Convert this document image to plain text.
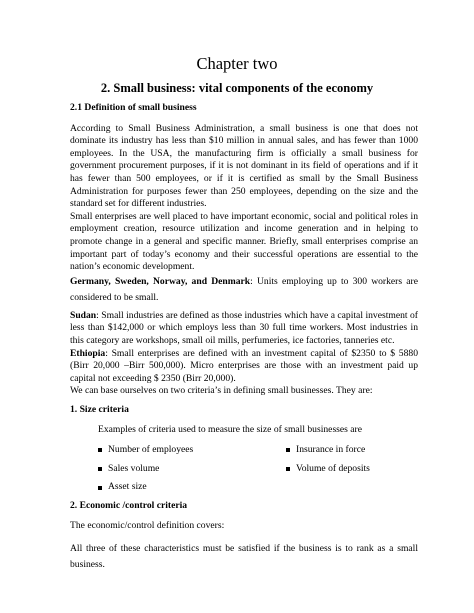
Chapter two
2. Small business: vital components of the economy

2.1 Definition of small business

According to Small Business Administration, a small business is one that does not dominate its industry has less than $10 million in annual sales, and has fewer than 1000 employees. In the USA, the manufacturing firm is officially a small business for government procurement purposes, if it is not dominant in its field of operations and if it has fewer than 500 employees, or if it is certified as small by the Small Business Administration for purposes fewer than 250 employees, depending on the size and the standard set for different industries.

Small enterprises are well placed to have important economic, social and political roles in employment creation, resource utilization and income generation and in helping to promote change in a general and specific manner. Briefly, small enterprises comprise an important part of today’s economy and their successful operations are essential to the nation’s economic development.

Germany, Sweden, Norway, and Denmark: Units employing up to 300 workers are considered to be small.

Sudan: Small industries are defined as those industries which have a capital investment of less than $142,000 or which employs less than 30 full time workers. Most industries in this category are workshops, small oil mills, perfumeries, ice factories, tanneries etc.

Ethiopia: Small enterprises are defined with an investment capital of $2350 to $ 5880 (Birr 20,000 –Birr 500,000). Micro enterprises are those with an investment paid up capital not exceeding $ 2350 (Birr 20,000).

We can base ourselves on two criteria’s in defining small businesses. They are:

1. Size criteria

Examples of criteria used to measure the size of small businesses are

Number of employees	Insurance in force
Sales volume	Volume of deposits
Asset size

2. Economic /control criteria

The economic/control definition covers:

All three of these characteristics must be satisfied if the business is to rank as a small business.
